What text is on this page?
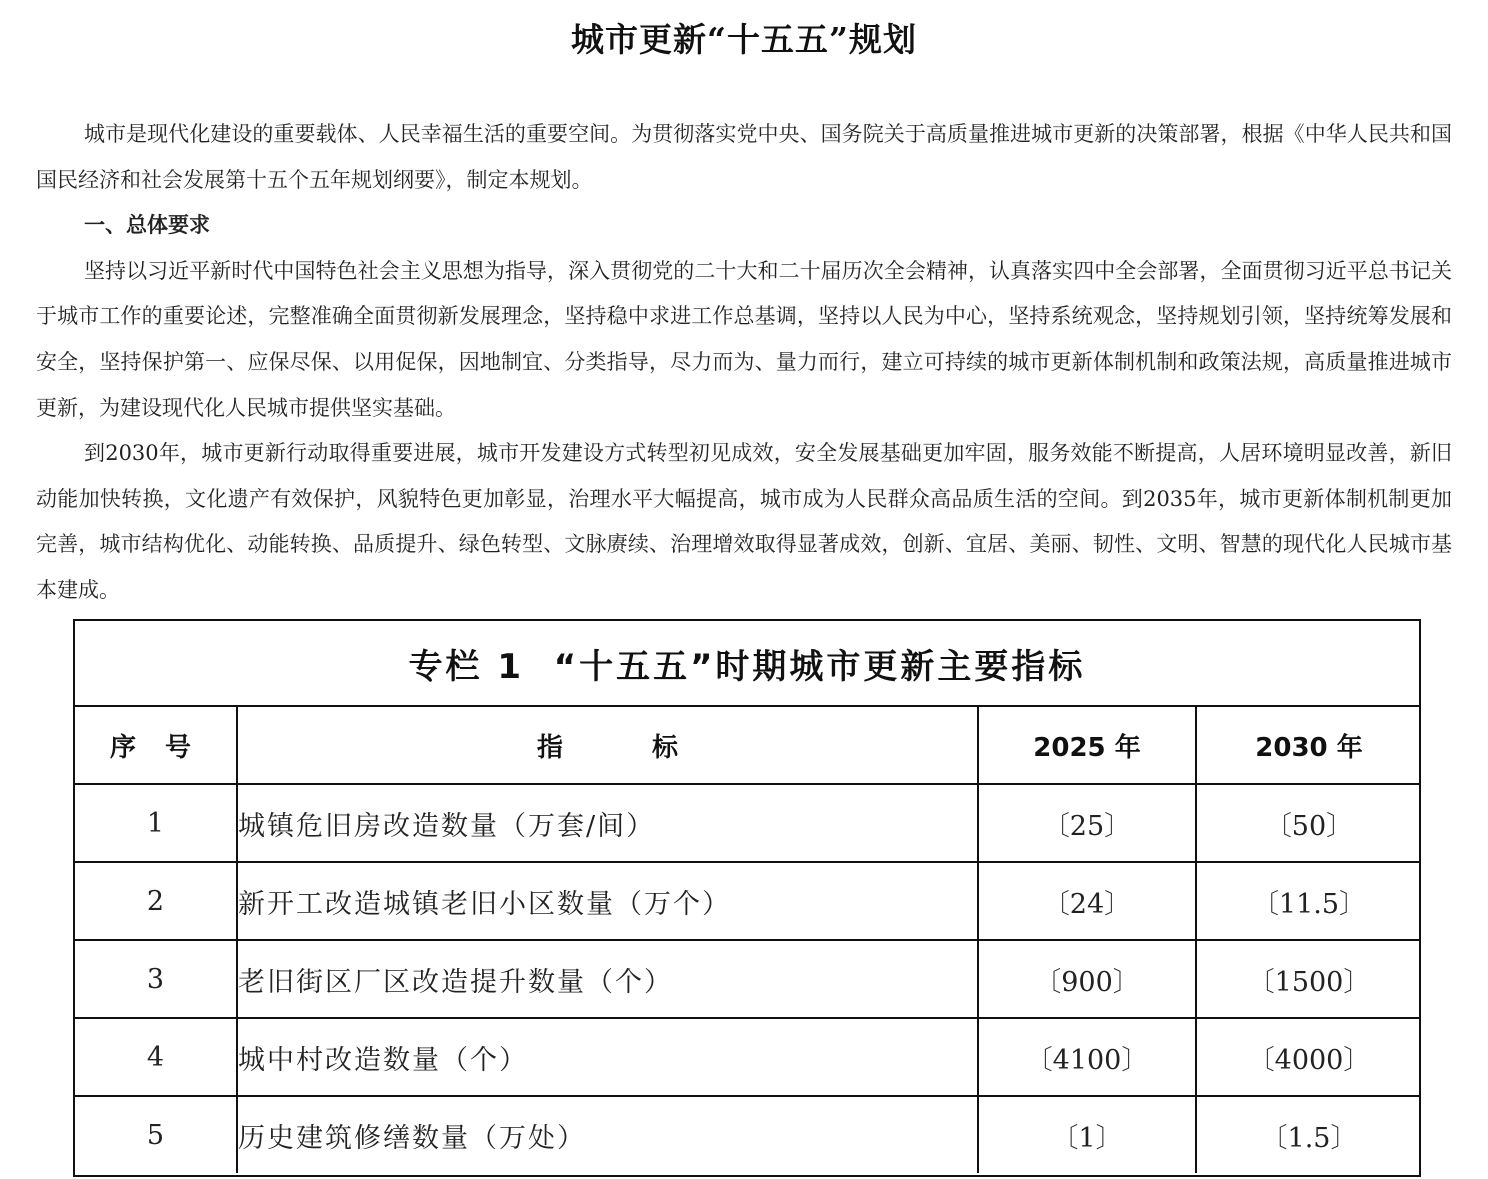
城市更新“十五五”规划

城市是现代化建设的重要载体、人民幸福生活的重要空间。为贯彻落实党中央、国务院关于高质量推进城市更新的决策部署，根据《中华人民共和国国民经济和社会发展第十五个五年规划纲要》，制定本规划。

一、总体要求

坚持以习近平新时代中国特色社会主义思想为指导，深入贯彻党的二十大和二十届历次全会精神，认真落实四中全会部署，全面贯彻习近平总书记关于城市工作的重要论述，完整准确全面贯彻新发展理念，坚持稳中求进工作总基调，坚持以人民为中心，坚持系统观念，坚持规划引领，坚持统筹发展和安全，坚持保护第一、应保尽保、以用促保，因地制宜、分类指导，尽力而为、量力而行，建立可持续的城市更新体制机制和政策法规，高质量推进城市更新，为建设现代化人民城市提供坚实基础。

到2030年，城市更新行动取得重要进展，城市开发建设方式转型初见成效，安全发展基础更加牢固，服务效能不断提高，人居环境明显改善，新旧动能加快转换，文化遗产有效保护，风貌特色更加彰显，治理水平大幅提高，城市成为人民群众高品质生活的空间。到2035年，城市更新体制机制更加完善，城市结构优化、动能转换、品质提升、绿色转型、文脉赓续、治理增效取得显著成效，创新、宜居、美丽、韧性、文明、智慧的现代化人民城市基本建成。

专栏 1  “十五五”时期城市更新主要指标
序 号	指 标	2025 年	2030 年
1	城镇危旧房改造数量（万套/间）	〔25〕	〔50〕
2	新开工改造城镇老旧小区数量（万个）	〔24〕	〔11.5〕
3	老旧街区厂区改造提升数量（个）	〔900〕	〔1500〕
4	城中村改造数量（个）	〔4100〕	〔4000〕
5	历史建筑修缮数量（万处）	〔1〕	〔1.5〕
